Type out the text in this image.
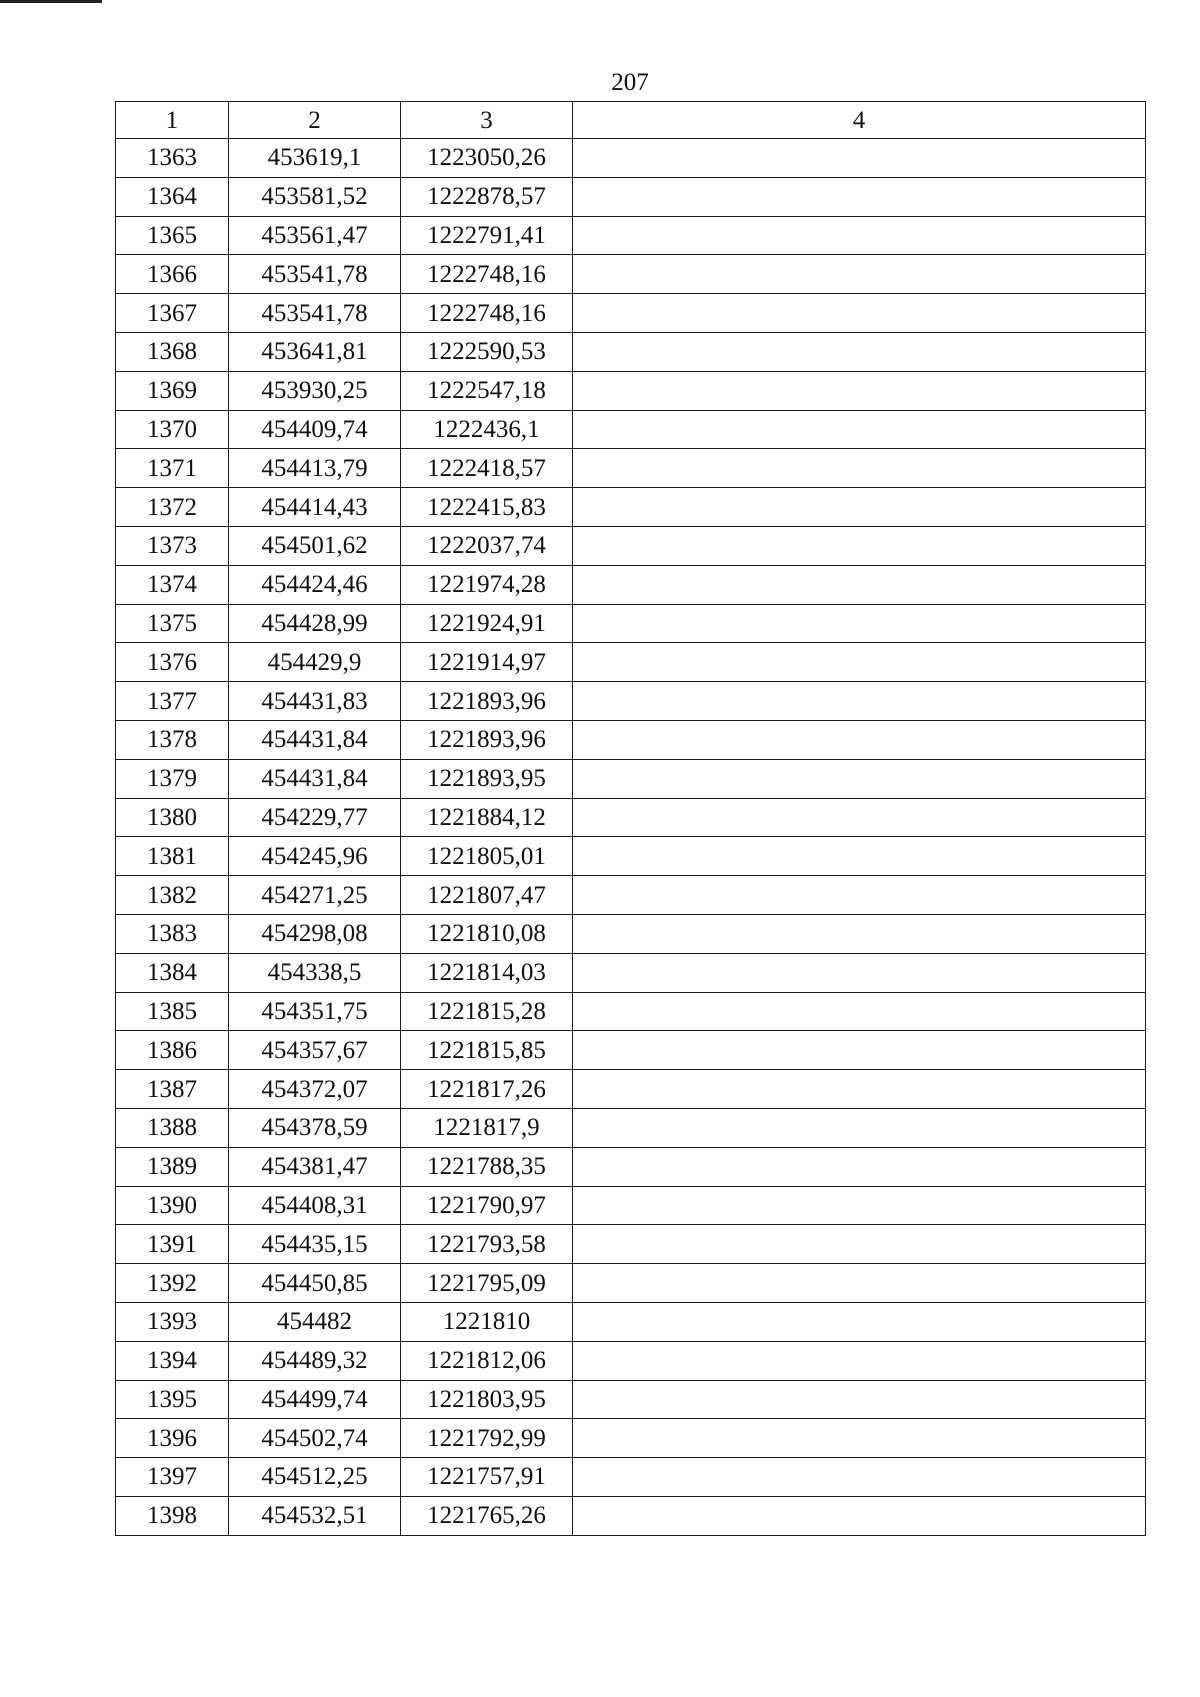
207
1	2	3	4
1363	453619,1	1223050,26	
1364	453581,52	1222878,57	
1365	453561,47	1222791,41	
1366	453541,78	1222748,16	
1367	453541,78	1222748,16	
1368	453641,81	1222590,53	
1369	453930,25	1222547,18	
1370	454409,74	1222436,1	
1371	454413,79	1222418,57	
1372	454414,43	1222415,83	
1373	454501,62	1222037,74	
1374	454424,46	1221974,28	
1375	454428,99	1221924,91	
1376	454429,9	1221914,97	
1377	454431,83	1221893,96	
1378	454431,84	1221893,96	
1379	454431,84	1221893,95	
1380	454229,77	1221884,12	
1381	454245,96	1221805,01	
1382	454271,25	1221807,47	
1383	454298,08	1221810,08	
1384	454338,5	1221814,03	
1385	454351,75	1221815,28	
1386	454357,67	1221815,85	
1387	454372,07	1221817,26	
1388	454378,59	1221817,9	
1389	454381,47	1221788,35	
1390	454408,31	1221790,97	
1391	454435,15	1221793,58	
1392	454450,85	1221795,09	
1393	454482	1221810	
1394	454489,32	1221812,06	
1395	454499,74	1221803,95	
1396	454502,74	1221792,99	
1397	454512,25	1221757,91	
1398	454532,51	1221765,26	
